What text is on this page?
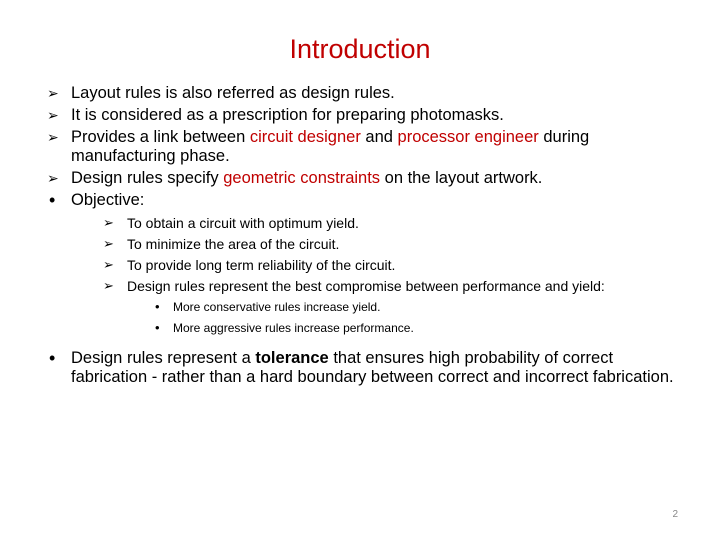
Introduction
➢ Layout rules is also referred as design rules.
➢ It is considered as a prescription for preparing photomasks.
➢ Provides a link between circuit designer and processor engineer during manufacturing phase.
➢ Design rules specify geometric constraints on the layout artwork.
• Objective:
➢ To obtain a circuit with optimum yield.
➢ To minimize the area of the circuit.
➢ To provide long term reliability of the circuit.
➢ Design rules represent the best compromise between performance and yield:
•	More conservative rules increase yield.
•	More aggressive rules increase performance.
• Design rules represent a tolerance that ensures high probability of correct fabrication - rather than a hard boundary between correct and incorrect fabrication.
2
